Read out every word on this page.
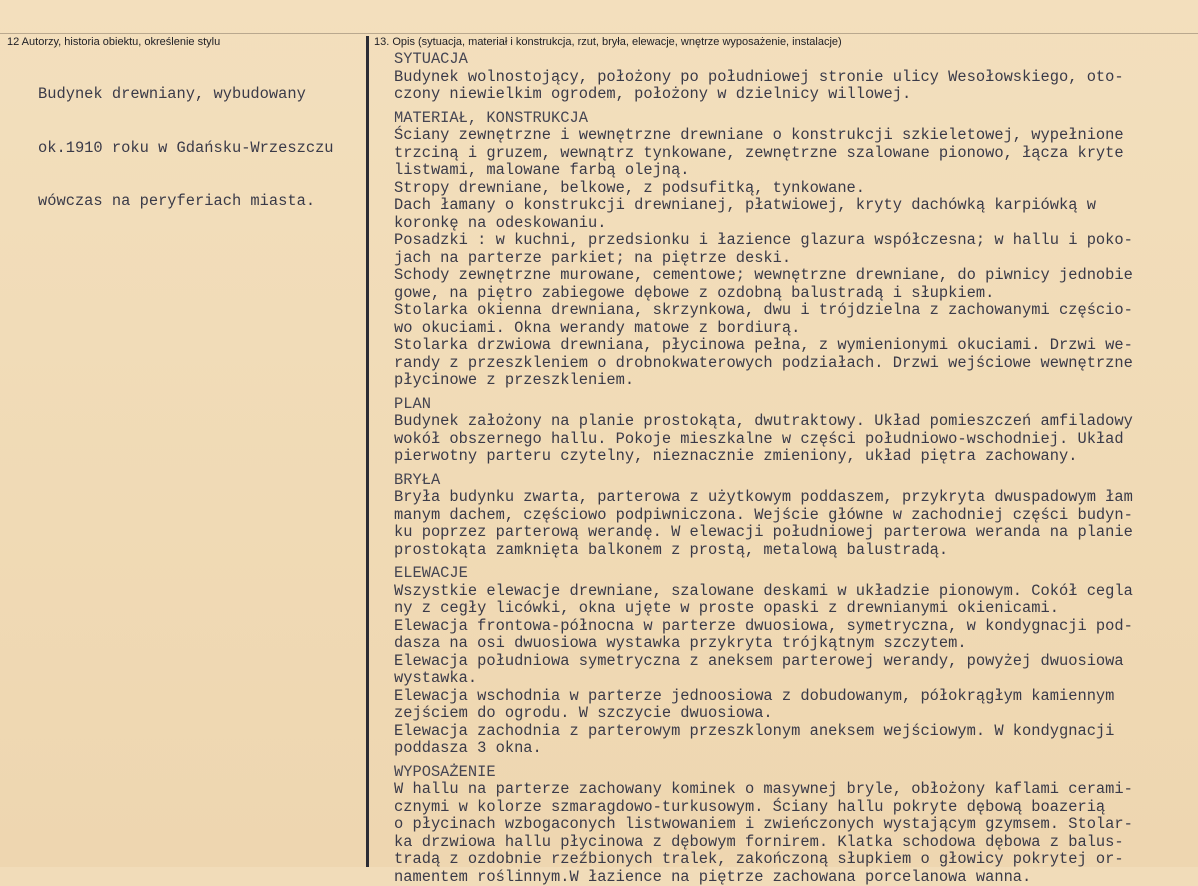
12 Autorzy, historia obiektu, określenie stylu	13. Opis (sytuacja, materiał i konstrukcja, rzut, bryła, elewacje, wnętrze wyposażenie, instalacje)

Budynek drewniany, wybudowany

ok.1910 roku w Gdańsku-Wrzeszczu

wówczas na peryferiach miasta.

SYTUACJA
Budynek wolnostojący, położony po południowej stronie ulicy Wesołowskiego, oto-
czony niewielkim ogrodem, położony w dzielnicy willowej.
MATERIAŁ, KONSTRUKCJA
Ściany zewnętrzne i wewnętrzne drewniane o konstrukcji szkieletowej, wypełnione
trzciną i gruzem, wewnątrz tynkowane, zewnętrzne szalowane pionowo, łącza kryte
listwami, malowane farbą olejną.
Stropy drewniane, belkowe, z podsufitką, tynkowane.
Dach łamany o konstrukcji drewnianej, płatwiowej, kryty dachówką karpiówką w
koronkę na odeskowaniu.
Posadzki : w kuchni, przedsionku i łazience glazura współczesna; w hallu i poko-
jach na parterze parkiet; na piętrze deski.
Schody zewnętrzne murowane, cementowe; wewnętrzne drewniane, do piwnicy jednobie
gowe, na piętro zabiegowe dębowe z ozdobną balustradą i słupkiem.
Stolarka okienna drewniana, skrzynkowa, dwu i trójdzielna z zachowanymi częścio-
wo okuciami. Okna werandy matowe z bordiurą.
Stolarka drzwiowa drewniana, płycinowa pełna, z wymienionymi okuciami. Drzwi we-
randy z przeszkleniem o drobnokwaterowych podziałach. Drzwi wejściowe wewnętrzne
płycinowe z przeszkleniem.
PLAN
Budynek założony na planie prostokąta, dwutraktowy. Układ pomieszczeń amfiladowy
wokół obszernego hallu. Pokoje mieszkalne w części południowo-wschodniej. Układ
pierwotny parteru czytelny, nieznacznie zmieniony, układ piętra zachowany.
BRYŁA
Bryła budynku zwarta, parterowa z użytkowym poddaszem, przykryta dwuspadowym łam
manym dachem, częściowo podpiwniczona. Wejście główne w zachodniej części budyn-
ku poprzez parterową werandę. W elewacji południowej parterowa weranda na planie
prostokąta zamknięta balkonem z prostą, metalową balustradą.
ELEWACJE
Wszystkie elewacje drewniane, szalowane deskami w układzie pionowym. Cokół cegla
ny z cegły licówki, okna ujęte w proste opaski z drewnianymi okienicami.
Elewacja frontowa-północna w parterze dwuosiowa, symetryczna, w kondygnacji pod-
dasza na osi dwuosiowa wystawka przykryta trójkątnym szczytem.
Elewacja południowa symetryczna z aneksem parterowej werandy, powyżej dwuosiowa
wystawka.
Elewacja wschodnia w parterze jednoosiowa z dobudowanym, półokrągłym kamiennym
zejściem do ogrodu. W szczycie dwuosiowa.
Elewacja zachodnia z parterowym przeszklonym aneksem wejściowym. W kondygnacji
poddasza 3 okna.
WYPOSAŻENIE
W hallu na parterze zachowany kominek o masywnej bryle, obłożony kaflami cerami-
cznymi w kolorze szmaragdowo-turkusowym. Ściany hallu pokryte dębową boazerią
o płycinach wzbogaconych listwowaniem i zwieńczonych wystającym gzymsem. Stolar-
ka drzwiowa hallu płycinowa z dębowym fornirem. Klatka schodowa dębowa z balus-
tradą z ozdobnie rzeźbionych tralek, zakończoną słupkiem o głowicy pokrytej or-
namentem roślinnym.W łazience na piętrze zachowana porcelanowa wanna.
